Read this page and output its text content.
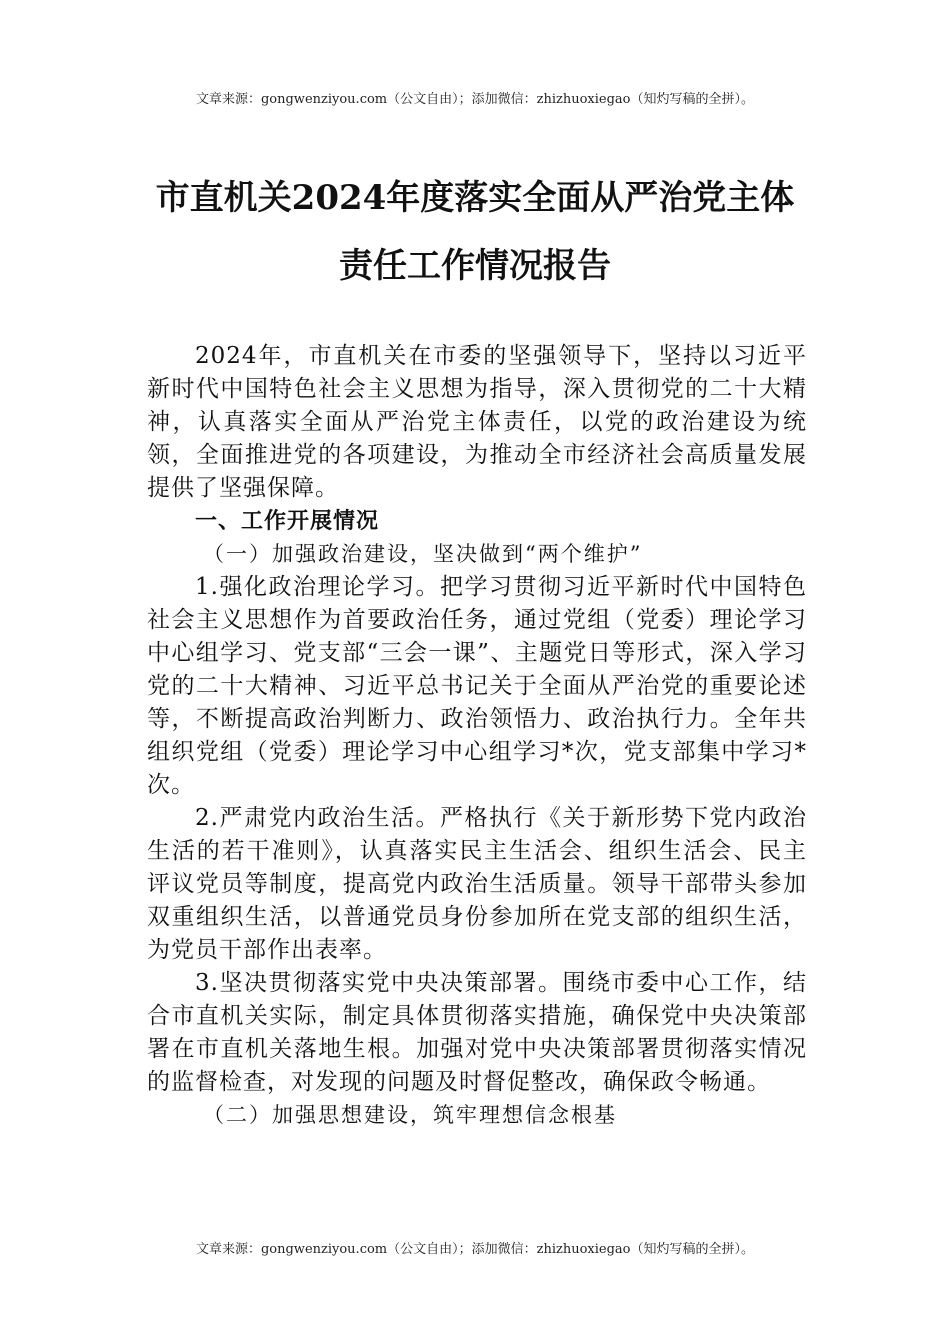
文章来源：gongwenziyou.com（公文自由）；添加微信：zhizhuoxiegao（知灼写稿的全拼）。
市直机关2024年度落实全面从严治党主体
责任工作情况报告

2024年，市直机关在市委的坚强领导下，坚持以习近平新时代中国特色社会主义思想为指导，深入贯彻党的二十大精神，认真落实全面从严治党主体责任，以党的政治建设为统领，全面推进党的各项建设，为推动全市经济社会高质量发展提供了坚强保障。

一、工作开展情况

（一）加强政治建设，坚决做到“两个维护”

1.强化政治理论学习。把学习贯彻习近平新时代中国特色社会主义思想作为首要政治任务，通过党组（党委）理论学习中心组学习、党支部“三会一课”、主题党日等形式，深入学习党的二十大精神、习近平总书记关于全面从严治党的重要论述等，不断提高政治判断力、政治领悟力、政治执行力。全年共组织党组（党委）理论学习中心组学习*次，党支部集中学习*次。

2.严肃党内政治生活。严格执行《关于新形势下党内政治生活的若干准则》，认真落实民主生活会、组织生活会、民主评议党员等制度，提高党内政治生活质量。领导干部带头参加双重组织生活，以普通党员身份参加所在党支部的组织生活，为党员干部作出表率。

3.坚决贯彻落实党中央决策部署。围绕市委中心工作，结合市直机关实际，制定具体贯彻落实措施，确保党中央决策部署在市直机关落地生根。加强对党中央决策部署贯彻落实情况的监督检查，对发现的问题及时督促整改，确保政令畅通。

（二）加强思想建设，筑牢理想信念根基

文章来源：gongwenziyou.com（公文自由）；添加微信：zhizhuoxiegao（知灼写稿的全拼）。
